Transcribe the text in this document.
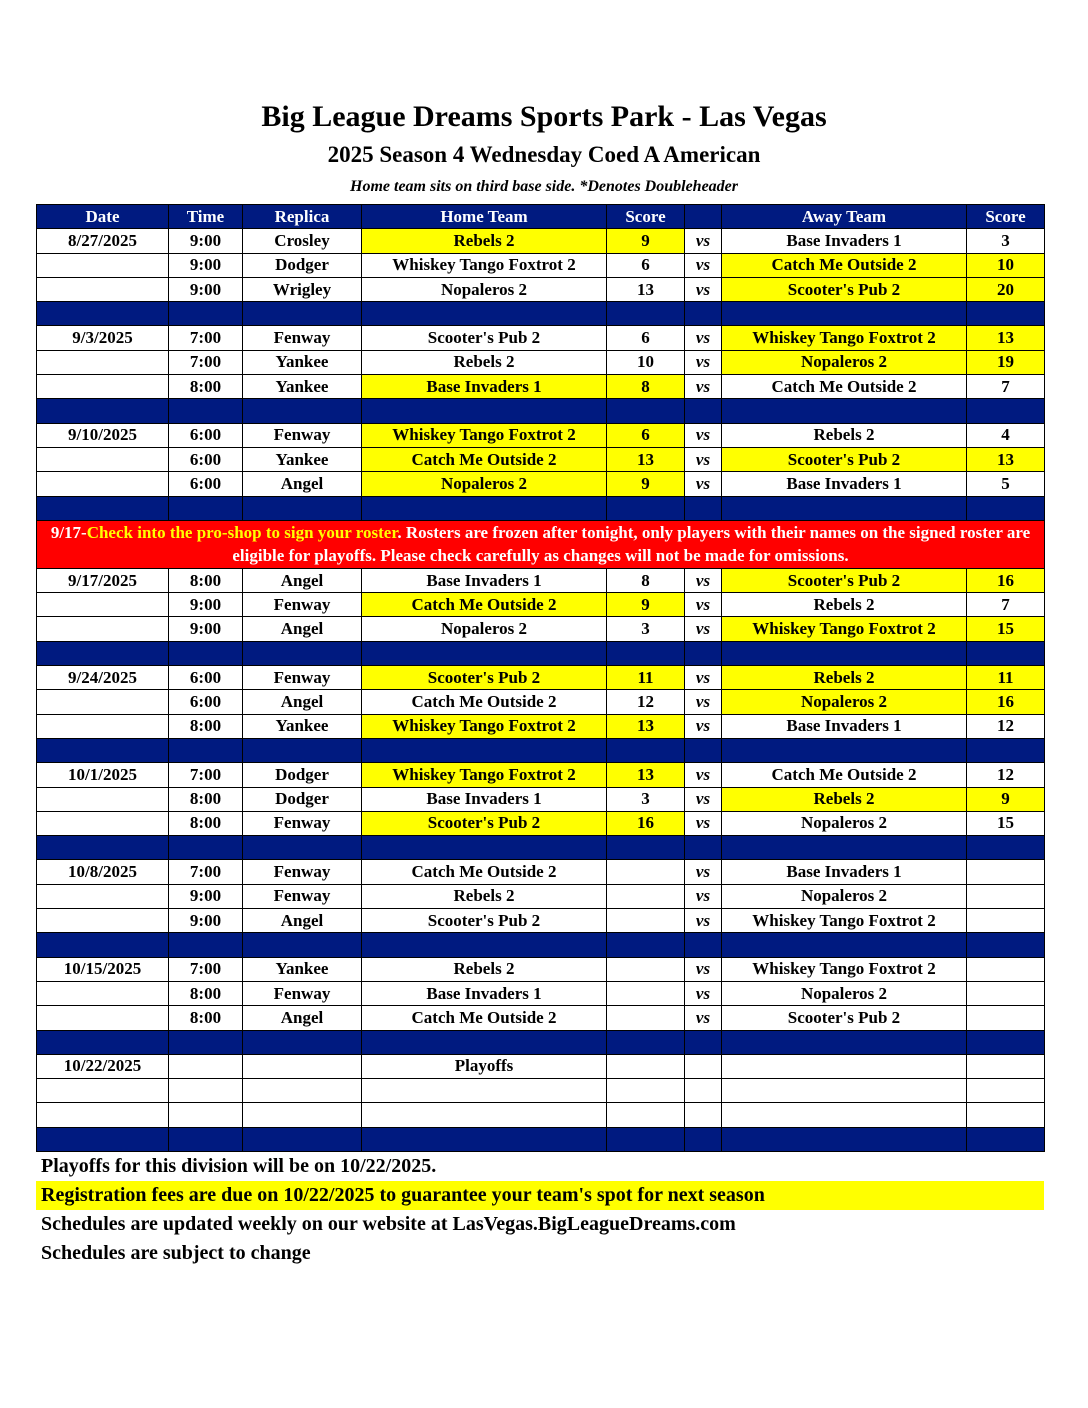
Big League Dreams Sports Park - Las Vegas
2025 Season 4 Wednesday Coed A American
Home team sits on third base side. *Denotes Doubleheader
Date	Time	Replica	Home Team	Score		Away Team	Score
8/27/2025	9:00	Crosley	Rebels 2	9	vs	Base Invaders 1	3
	9:00	Dodger	Whiskey Tango Foxtrot 2	6	vs	Catch Me Outside 2	10
	9:00	Wrigley	Nopaleros 2	13	vs	Scooter's Pub 2	20

9/3/2025	7:00	Fenway	Scooter's Pub 2	6	vs	Whiskey Tango Foxtrot 2	13
	7:00	Yankee	Rebels 2	10	vs	Nopaleros 2	19
	8:00	Yankee	Base Invaders 1	8	vs	Catch Me Outside 2	7

9/10/2025	6:00	Fenway	Whiskey Tango Foxtrot 2	6	vs	Rebels 2	4
	6:00	Yankee	Catch Me Outside 2	13	vs	Scooter's Pub 2	13
	6:00	Angel	Nopaleros 2	9	vs	Base Invaders 1	5

9/17-Check into the pro-shop to sign your roster. Rosters are frozen after tonight, only players with their names on the signed roster are eligible for playoffs. Please check carefully as changes will not be made for omissions.							
9/17/2025	8:00	Angel	Base Invaders 1	8	vs	Scooter's Pub 2	16
	9:00	Fenway	Catch Me Outside 2	9	vs	Rebels 2	7
	9:00	Angel	Nopaleros 2	3	vs	Whiskey Tango Foxtrot 2	15

9/24/2025	6:00	Fenway	Scooter's Pub 2	11	vs	Rebels 2	11
	6:00	Angel	Catch Me Outside 2	12	vs	Nopaleros 2	16
	8:00	Yankee	Whiskey Tango Foxtrot 2	13	vs	Base Invaders 1	12

10/1/2025	7:00	Dodger	Whiskey Tango Foxtrot 2	13	vs	Catch Me Outside 2	12
	8:00	Dodger	Base Invaders 1	3	vs	Rebels 2	9
	8:00	Fenway	Scooter's Pub 2	16	vs	Nopaleros 2	15

10/8/2025	7:00	Fenway	Catch Me Outside 2		vs	Base Invaders 1	
	9:00	Fenway	Rebels 2		vs	Nopaleros 2	
	9:00	Angel	Scooter's Pub 2		vs	Whiskey Tango Foxtrot 2	

10/15/2025	7:00	Yankee	Rebels 2		vs	Whiskey Tango Foxtrot 2	
	8:00	Fenway	Base Invaders 1		vs	Nopaleros 2	
	8:00	Angel	Catch Me Outside 2		vs	Scooter's Pub 2	

10/22/2025			Playoffs				

Playoffs for this division will be on 10/22/2025.
Registration fees are due on 10/22/2025 to guarantee your team's spot for next season
Schedules are updated weekly on our website at LasVegas.BigLeagueDreams.com
Schedules are subject to change
